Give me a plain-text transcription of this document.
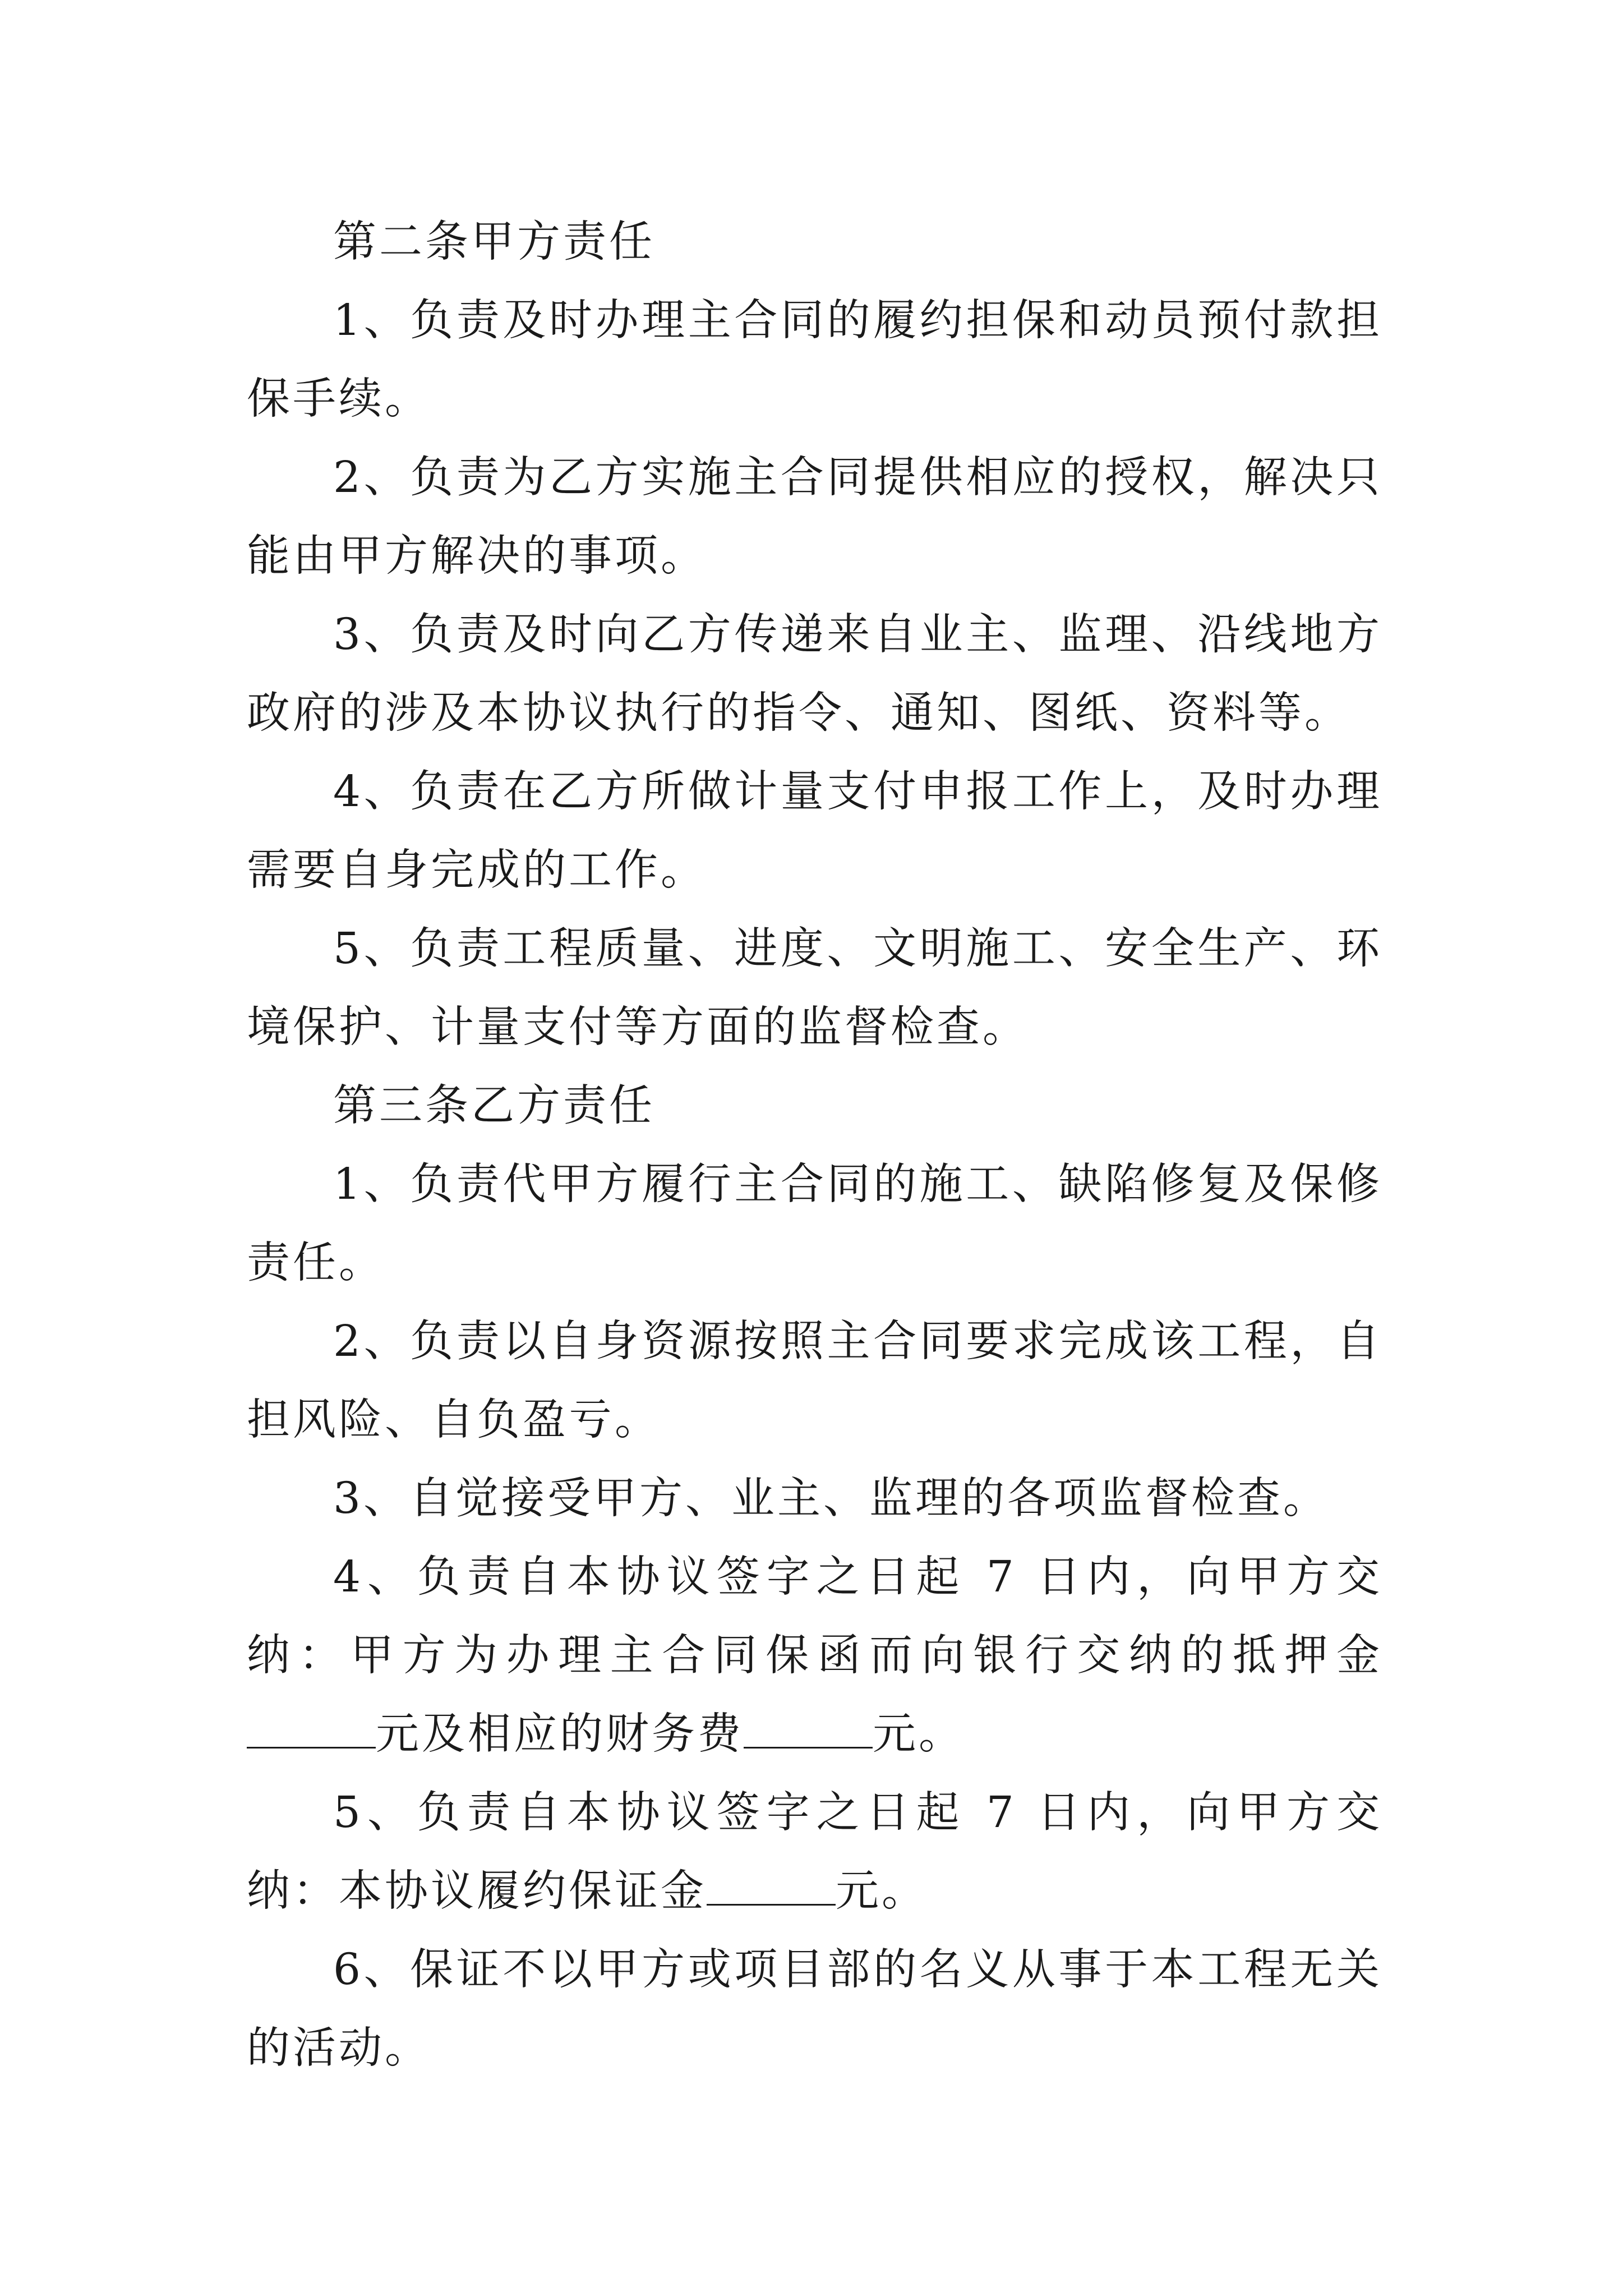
第二条甲方责任

1、负责及时办理主合同的履约担保和动员预付款担保手续。

2、负责为乙方实施主合同提供相应的授权，解决只能由甲方解决的事项。

3、负责及时向乙方传递来自业主、监理、沿线地方政府的涉及本协议执行的指令、通知、图纸、资料等。

4、负责在乙方所做计量支付申报工作上，及时办理需要自身完成的工作。

5、负责工程质量、进度、文明施工、安全生产、环境保护、计量支付等方面的监督检查。

第三条乙方责任

1、负责代甲方履行主合同的施工、缺陷修复及保修责任。

2、负责以自身资源按照主合同要求完成该工程，自担风险、自负盈亏。

3、自觉接受甲方、业主、监理的各项监督检查。

4、负责自本协议签字之日起 7 日内，向甲方交纳：甲方为办理主合同保函而向银行交纳的抵押金元及相应的财务费	元。

5、负责自本协议签字之日起 7 日内，向甲方交纳：本协议履约保证金	元。

6、保证不以甲方或项目部的名义从事于本工程无关的活动。
